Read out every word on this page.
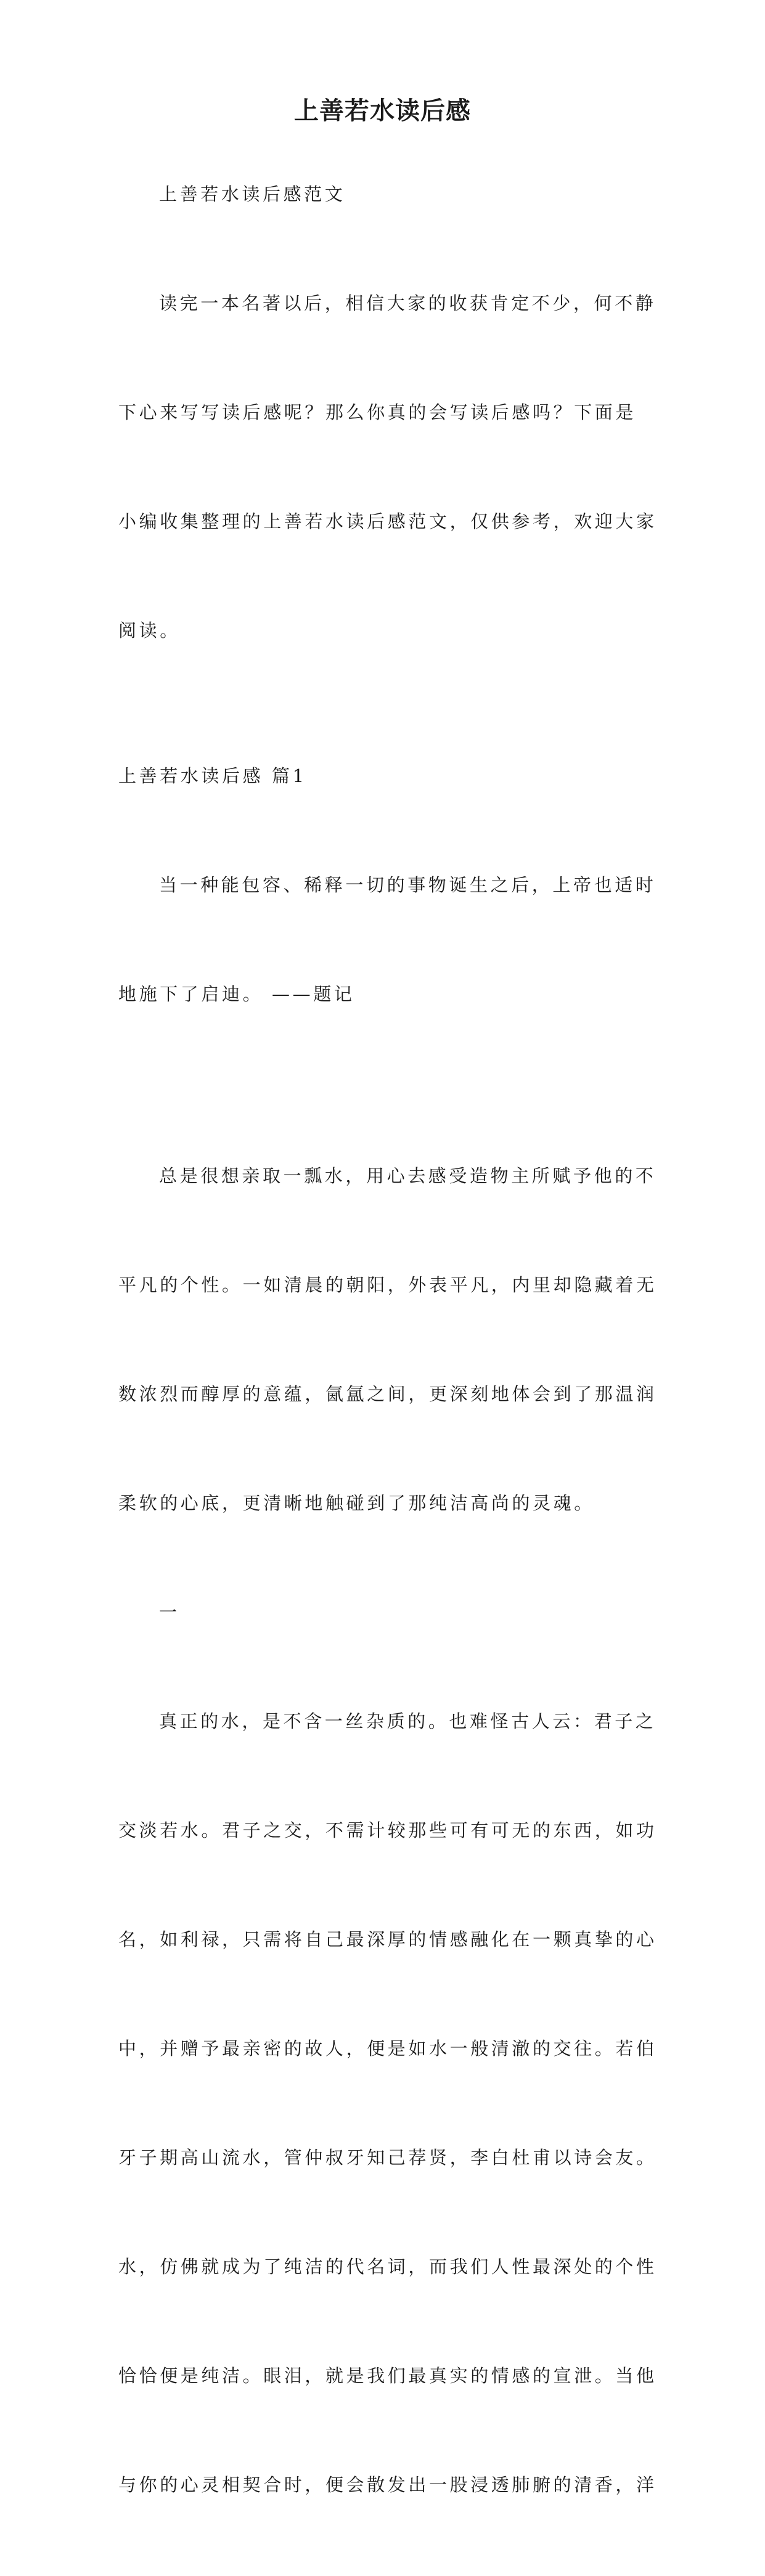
上善若水读后感

上善若水读后感范文

读完一本名著以后，相信大家的收获肯定不少，何不静

下心来写写读后感呢？那么你真的会写读后感吗？下面是

小编收集整理的上善若水读后感范文，仅供参考，欢迎大家

阅读。

上善若水读后感 篇1

当一种能包容、稀释一切的事物诞生之后，上帝也适时

地施下了启迪。 ——题记

总是很想亲取一瓢水，用心去感受造物主所赋予他的不

平凡的个性。一如清晨的朝阳，外表平凡，内里却隐藏着无

数浓烈而醇厚的意蕴，氤氲之间，更深刻地体会到了那温润

柔软的心底，更清晰地触碰到了那纯洁高尚的灵魂。

一

真正的水，是不含一丝杂质的。也难怪古人云：君子之

交淡若水。君子之交，不需计较那些可有可无的东西，如功

名，如利禄，只需将自己最深厚的情感融化在一颗真挚的心

中，并赠予最亲密的故人，便是如水一般清澈的交往。若伯

牙子期高山流水，管仲叔牙知己荐贤，李白杜甫以诗会友。

水，仿佛就成为了纯洁的代名词，而我们人性最深处的个性

恰恰便是纯洁。眼泪，就是我们最真实的情感的宣泄。当他

与你的心灵相契合时，便会散发出一股浸透肺腑的清香，洋
